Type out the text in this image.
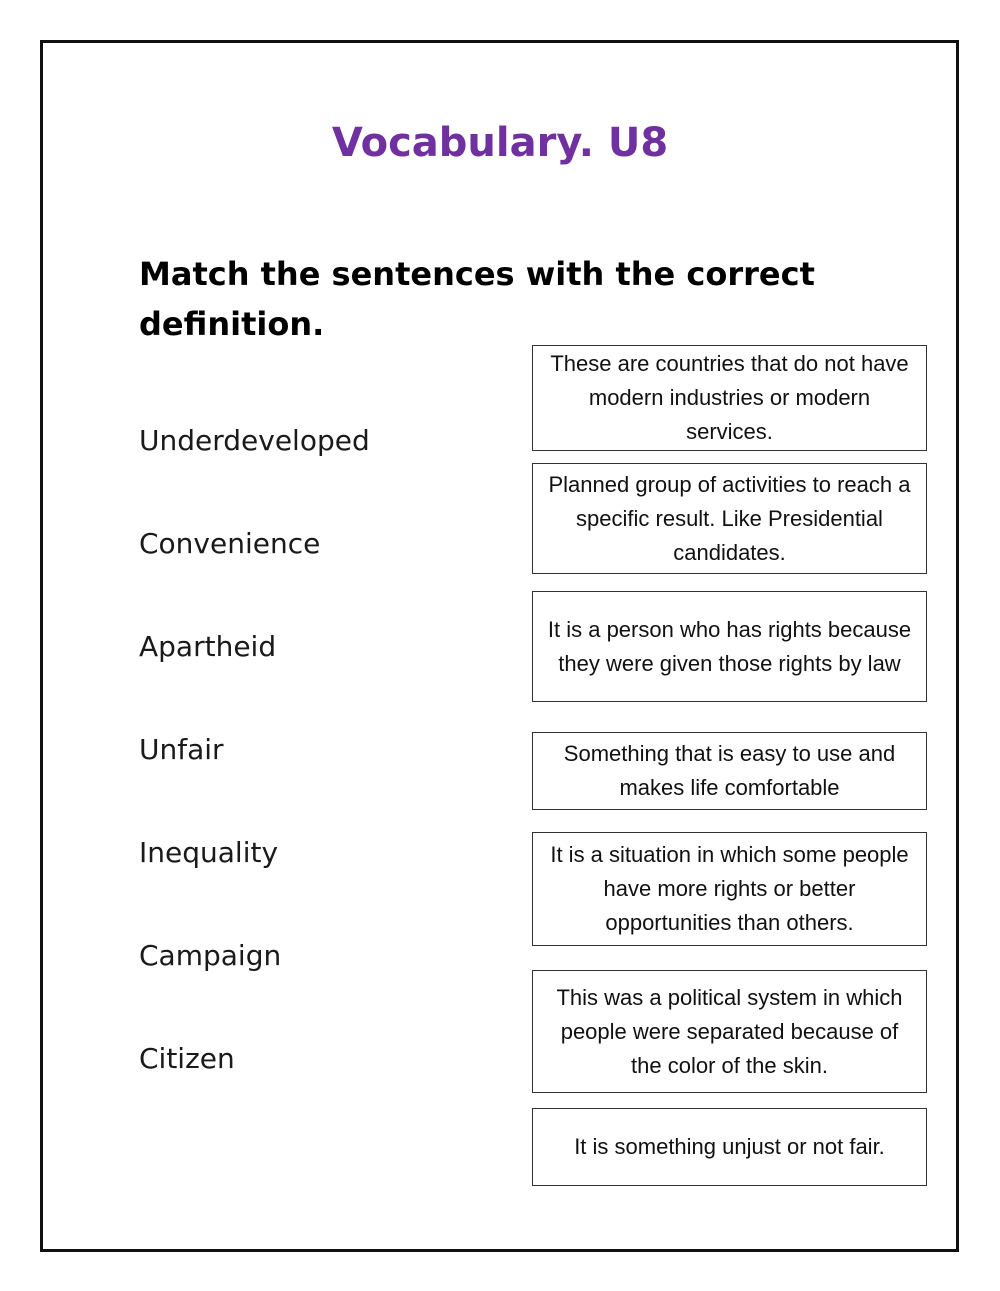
Vocabulary. U8
Match the sentences with the correct definition.
Underdeveloped
Convenience
Apartheid
Unfair
Inequality
Campaign
Citizen
These are countries that do not have modern industries or modern services.
Planned group of activities to reach a specific result. Like Presidential candidates.
It is a person who has rights because they were given those rights by law
Something that is easy to use and makes life comfortable
It is a situation in which some people have more rights or better opportunities than others.
This was a political system in which people were separated because of the color of the skin.
It is something unjust or not fair.
